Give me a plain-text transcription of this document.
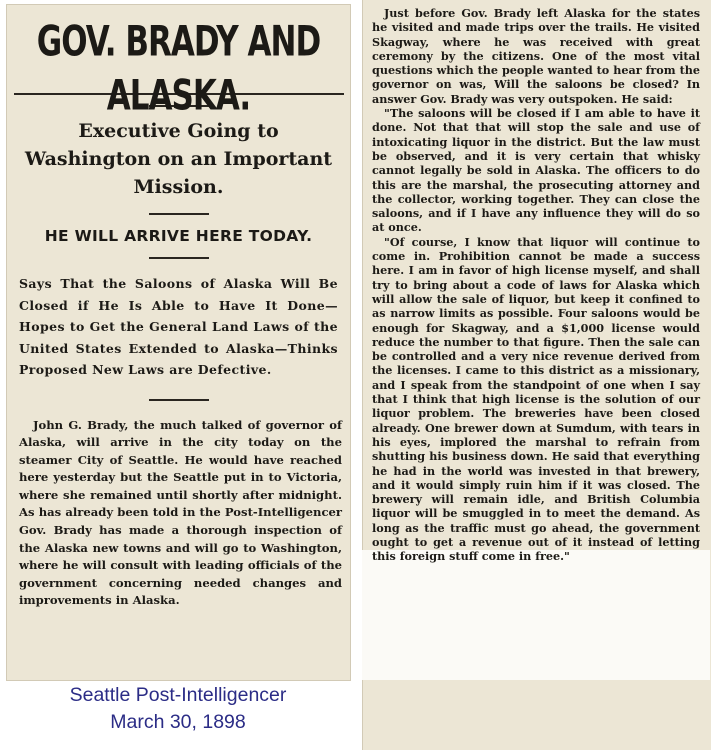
GOV. BRADY AND ALASKA.
Executive Going to Washington on an Important Mission.
HE WILL ARRIVE HERE TODAY.
Says That the Saloons of Alaska Will Be Closed if He Is Able to Have It Done—Hopes to Get the General Land Laws of the United States Extended to Alaska—Thinks Proposed New Laws are Defective.
John G. Brady, the much talked of governor of Alaska, will arrive in the city today on the steamer City of Seattle. He would have reached here yesterday but the Seattle put in to Victoria, where she remained until shortly after midnight. As has already been told in the Post-Intelligencer Gov. Brady has made a thorough inspection of the Alaska new towns and will go to Washington, where he will consult with leading officials of the government concerning needed changes and improvements in Alaska.
Seattle Post-Intelligencer
March 30, 1898

Just before Gov. Brady left Alaska for the states he visited and made trips over the trails. He visited Skagway, where he was received with great ceremony by the citizens. One of the most vital questions which the people wanted to hear from the governor on was, Will the saloons be closed? In answer Gov. Brady was very outspoken. He said:

"The saloons will be closed if I am able to have it done. Not that that will stop the sale and use of intoxicating liquor in the district. But the law must be observed, and it is very certain that whisky cannot legally be sold in Alaska. The officers to do this are the marshal, the prosecuting attorney and the collector, working together. They can close the saloons, and if I have any influence they will do so at once.

"Of course, I know that liquor will continue to come in. Prohibition cannot be made a success here. I am in favor of high license myself, and shall try to bring about a code of laws for Alaska which will allow the sale of liquor, but keep it confined to as narrow limits as possible. Four saloons would be enough for Skagway, and a $1,000 license would reduce the number to that figure. Then the sale can be controlled and a very nice revenue derived from the licenses. I came to this district as a missionary, and I speak from the standpoint of one when I say that I think that high license is the solution of our liquor problem. The breweries have been closed already. One brewer down at Sumdum, with tears in his eyes, implored the marshal to refrain from shutting his business down. He said that everything he had in the world was invested in that brewery, and it would simply ruin him if it was closed. The brewery will remain idle, and British Columbia liquor will be smuggled in to meet the demand. As long as the traffic must go ahead, the government ought to get a revenue out of it instead of letting this foreign stuff come in free."
